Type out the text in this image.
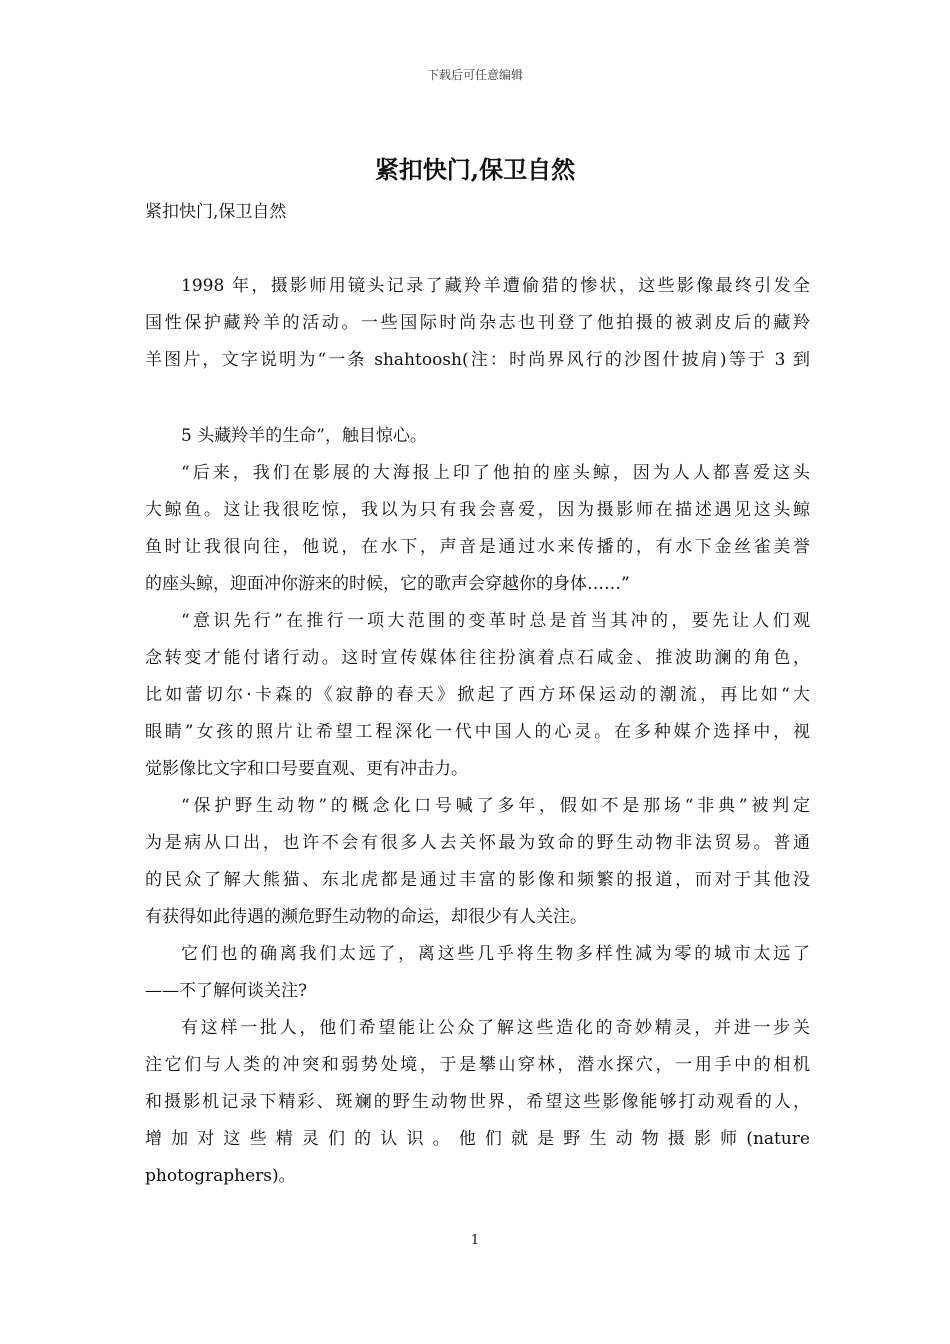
下载后可任意编辑
紧扣快门,保卫自然

紧扣快门,保卫自然

1998 年，摄影师用镜头记录了藏羚羊遭偷猎的惨状，这些影像最终引发全
国性保护藏羚羊的活动。一些国际时尚杂志也刊登了他拍摄的被剥皮后的藏羚
羊图片，文字说明为“一条 shahtoosh(注：时尚界风行的沙图什披肩)等于 3 到
5 头藏羚羊的生命”，触目惊心。
“后来，我们在影展的大海报上印了他拍的座头鲸，因为人人都喜爱这头
大鲸鱼。这让我很吃惊，我以为只有我会喜爱，因为摄影师在描述遇见这头鲸
鱼时让我很向往，他说，在水下，声音是通过水来传播的，有水下金丝雀美誉
的座头鲸，迎面冲你游来的时候，它的歌声会穿越你的身体……”
“意识先行”在推行一项大范围的变革时总是首当其冲的，要先让人们观
念转变才能付诸行动。这时宣传媒体往往扮演着点石咸金、推波助澜的角色，
比如蕾切尔·卡森的《寂静的春天》掀起了西方环保运动的潮流，再比如“大
眼睛”女孩的照片让希望工程深化一代中国人的心灵。在多种媒介选择中，视
觉影像比文字和口号要直观、更有冲击力。
“保护野生动物”的概念化口号喊了多年，假如不是那场“非典”被判定
为是病从口出，也许不会有很多人去关怀最为致命的野生动物非法贸易。普通
的民众了解大熊猫、东北虎都是通过丰富的影像和频繁的报道，而对于其他没
有获得如此待遇的濒危野生动物的命运，却很少有人关注。
它们也的确离我们太远了，离这些几乎将生物多样性减为零的城市太远了
——不了解何谈关注?
有这样一批人，他们希望能让公众了解这些造化的奇妙精灵，并进一步关
注它们与人类的冲突和弱势处境，于是攀山穿林，潜水探穴，一用手中的相机
和摄影机记录下精彩、斑斓的野生动物世界，希望这些影像能够打动观看的人，
增加对这些精灵们的认识。他们就是野生动物摄影师(nature
photographers)。
1
